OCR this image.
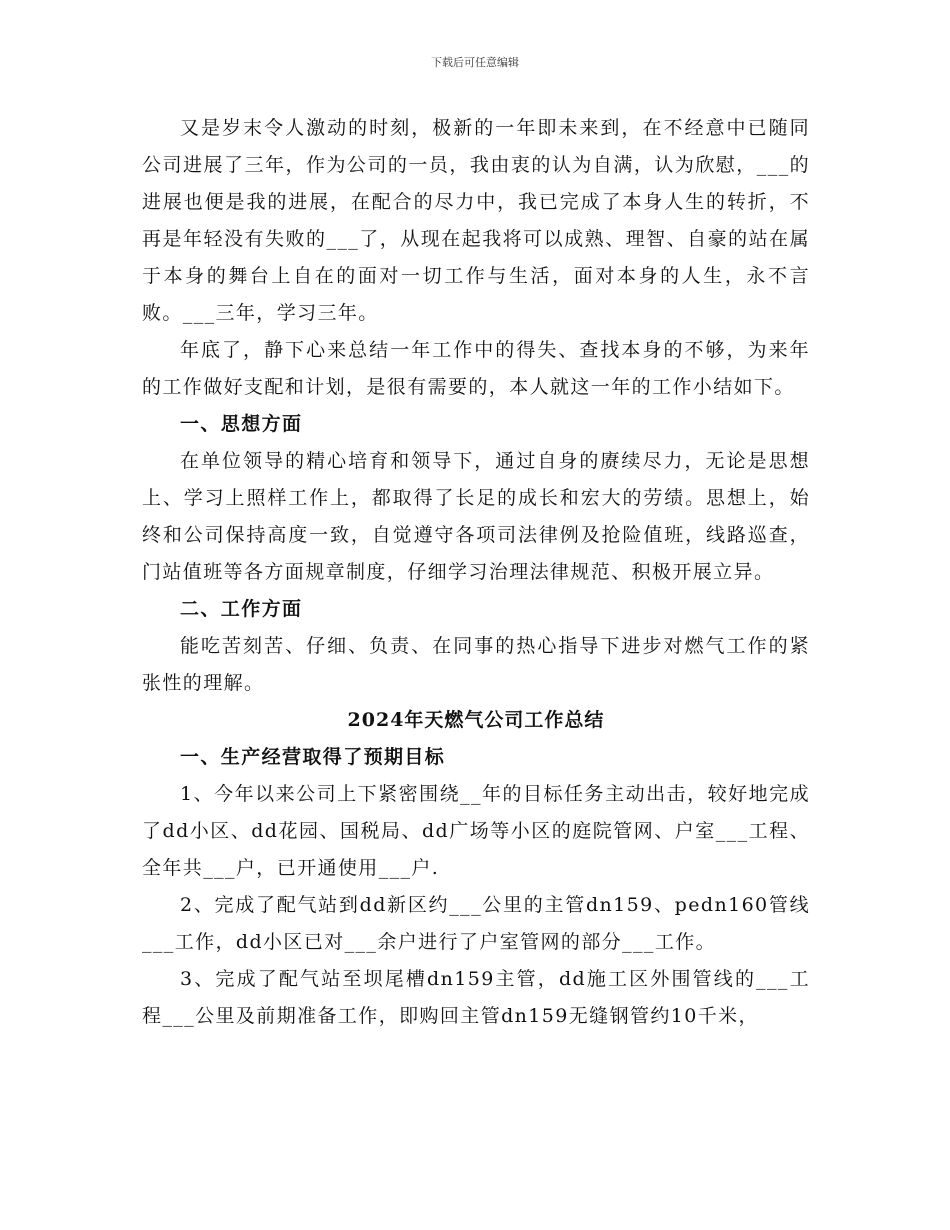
下载后可任意编辑

又是岁末令人激动的时刻，极新的一年即未来到，在不经意中已随同公司进展了三年，作为公司的一员，我由衷的认为自满，认为欣慰，___的进展也便是我的进展，在配合的尽力中，我已完成了本身人生的转折，不再是年轻没有失败的___了，从现在起我将可以成熟、理智、自豪的站在属于本身的舞台上自在的面对一切工作与生活，面对本身的人生，永不言败。___三年，学习三年。

年底了，静下心来总结一年工作中的得失、查找本身的不够，为来年的工作做好支配和计划，是很有需要的，本人就这一年的工作小结如下。

一、思想方面

在单位领导的精心培育和领导下，通过自身的赓续尽力，无论是思想上、学习上照样工作上，都取得了长足的成长和宏大的劳绩。思想上，始终和公司保持高度一致，自觉遵守各项司法律例及抢险值班，线路巡查，门站值班等各方面规章制度，仔细学习治理法律规范、积极开展立异。

二、工作方面

能吃苦刻苦、仔细、负责、在同事的热心指导下进步对燃气工作的紧张性的理解。

2024年天燃气公司工作总结

一、生产经营取得了预期目标

1、今年以来公司上下紧密围绕__年的目标任务主动出击，较好地完成了dd小区、dd花园、国税局、dd广场等小区的庭院管网、户室___工程、全年共___户，已开通使用___户.

2、完成了配气站到dd新区约___公里的主管dn159、pedn160管线___工作，dd小区已对___余户进行了户室管网的部分___工作。

3、完成了配气站至坝尾槽dn159主管，dd施工区外围管线的___工程___公里及前期准备工作，即购回主管dn159无缝钢管约10千米，
